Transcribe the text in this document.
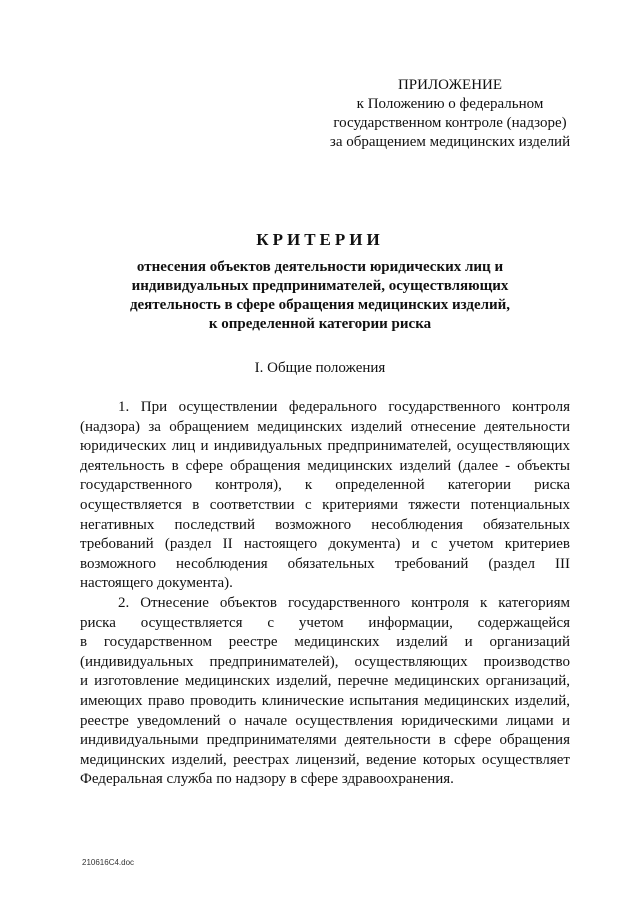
ПРИЛОЖЕНИЕ
к Положению о федеральном
государственном контроле (надзоре)
за обращением медицинских изделий
КРИТЕРИИ
отнесения объектов деятельности юридических лиц и
индивидуальных предпринимателей, осуществляющих
деятельность в сфере обращения медицинских изделий,
к определенной категории риска
I. Общие положения
1. При осуществлении федерального государственного контроля
(надзора) за обращением медицинских изделий отнесение деятельности
юридических лиц и индивидуальных предпринимателей, осуществляющих
деятельность в сфере обращения медицинских изделий (далее - объекты
государственного контроля), к определенной категории риска
осуществляется в соответствии с критериями тяжести потенциальных
негативных последствий возможного несоблюдения обязательных
требований (раздел II настоящего документа) и с учетом критериев
возможного несоблюдения обязательных требований (раздел III
настоящего документа).
2. Отнесение объектов государственного контроля к категориям
риска осуществляется с учетом информации, содержащейся
в государственном реестре медицинских изделий и организаций
(индивидуальных предпринимателей), осуществляющих производство
и изготовление медицинских изделий, перечне медицинских организаций,
имеющих право проводить клинические испытания медицинских изделий,
реестре уведомлений о начале осуществления юридическими лицами и
индивидуальными предпринимателями деятельности в сфере обращения
медицинских изделий, реестрах лицензий, ведение которых осуществляет
Федеральная служба по надзору в сфере здравоохранения.
210616C4.doc
